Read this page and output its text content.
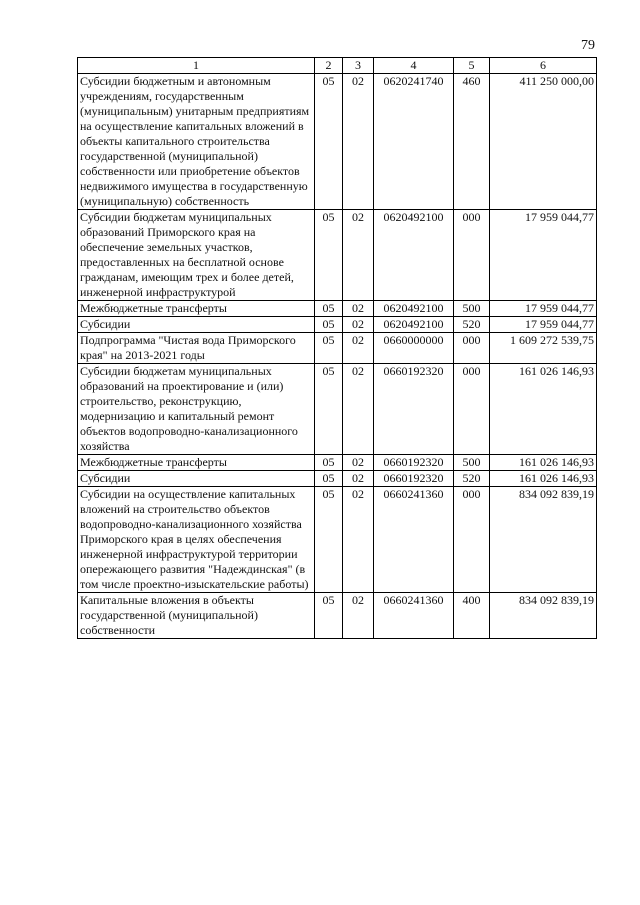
79
1	2	3	4	5	6
Субсидии бюджетным и автономным учреждениям, государственным (муниципальным) унитарным предприятиям на осуществление капитальных вложений в объекты капитального строительства государственной (муниципальной) собственности или приобретение объектов недвижимого имущества в государственную (муниципальную) собственность	05	02	0620241740	460	411 250 000,00
Субсидии бюджетам муниципальных образований Приморского края на обеспечение земельных участков, предоставленных на бесплатной основе гражданам, имеющим трех и более детей, инженерной инфраструктурой	05	02	0620492100	000	17 959 044,77
Межбюджетные трансферты	05	02	0620492100	500	17 959 044,77
Субсидии	05	02	0620492100	520	17 959 044,77
Подпрограмма "Чистая вода Приморского края" на 2013-2021 годы	05	02	0660000000	000	1 609 272 539,75
Субсидии бюджетам муниципальных образований на проектирование и (или) строительство, реконструкцию, модернизацию и капитальный ремонт объектов водопроводно-канализационного хозяйства	05	02	0660192320	000	161 026 146,93
Межбюджетные трансферты	05	02	0660192320	500	161 026 146,93
Субсидии	05	02	0660192320	520	161 026 146,93
Субсидии на осуществление капитальных вложений на строительство объектов водопроводно-канализационного хозяйства Приморского края в целях обеспечения инженерной инфраструктурой территории опережающего развития "Надеждинская" (в том числе проектно-изыскательские работы)	05	02	0660241360	000	834 092 839,19
Капитальные вложения в объекты государственной (муниципальной) собственности	05	02	0660241360	400	834 092 839,19
